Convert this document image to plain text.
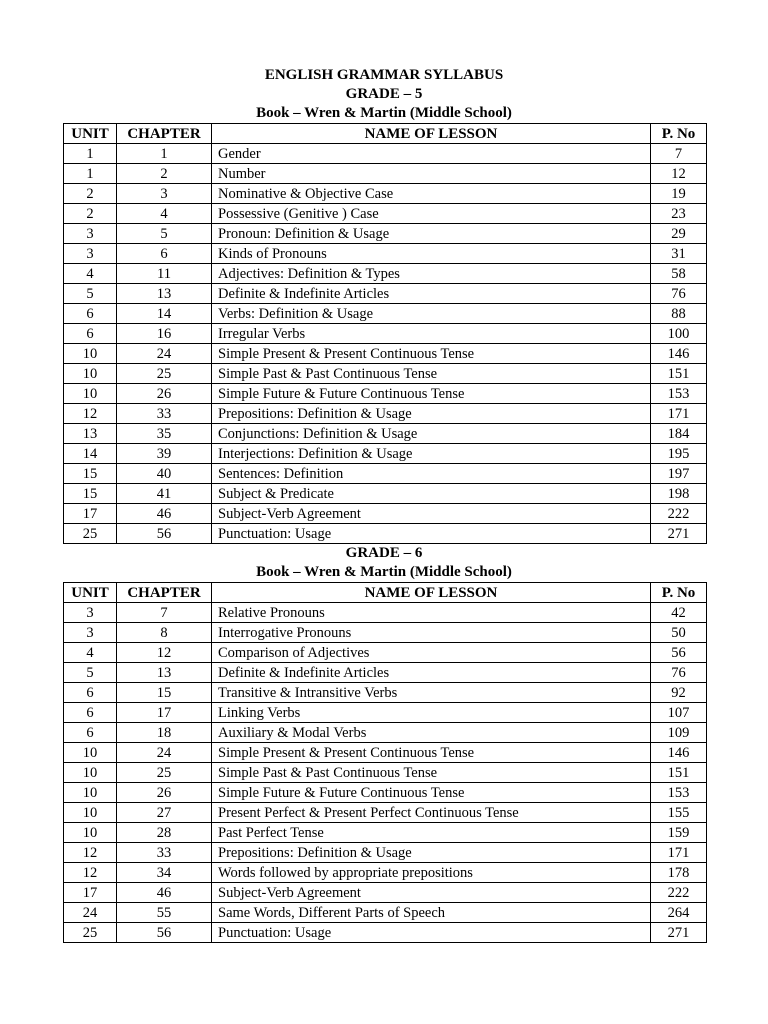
ENGLISH GRAMMAR SYLLABUS
GRADE – 5
Book – Wren & Martin (Middle School)
UNIT	CHAPTER	NAME OF LESSON	P. No
1	1	Gender	7
1	2	Number	12
2	3	Nominative & Objective Case	19
2	4	Possessive (Genitive ) Case	23
3	5	Pronoun: Definition & Usage	29
3	6	Kinds of Pronouns	31
4	11	Adjectives: Definition & Types	58
5	13	Definite & Indefinite Articles	76
6	14	Verbs: Definition & Usage	88
6	16	Irregular Verbs	100
10	24	Simple Present & Present Continuous Tense	146
10	25	Simple Past & Past Continuous Tense	151
10	26	Simple Future & Future Continuous Tense	153
12	33	Prepositions: Definition & Usage	171
13	35	Conjunctions: Definition & Usage	184
14	39	Interjections: Definition & Usage	195
15	40	Sentences: Definition	197
15	41	Subject & Predicate	198
17	46	Subject-Verb Agreement	222
25	56	Punctuation: Usage	271
GRADE – 6
Book – Wren & Martin (Middle School)
UNIT	CHAPTER	NAME OF LESSON	P. No
3	7	Relative Pronouns	42
3	8	Interrogative Pronouns	50
4	12	Comparison of Adjectives	56
5	13	Definite & Indefinite Articles	76
6	15	Transitive & Intransitive Verbs	92
6	17	Linking Verbs	107
6	18	Auxiliary & Modal Verbs	109
10	24	Simple Present & Present Continuous Tense	146
10	25	Simple Past & Past Continuous Tense	151
10	26	Simple Future & Future Continuous Tense	153
10	27	Present Perfect & Present Perfect Continuous Tense	155
10	28	Past Perfect Tense	159
12	33	Prepositions: Definition & Usage	171
12	34	Words followed by appropriate prepositions	178
17	46	Subject-Verb Agreement	222
24	55	Same Words, Different Parts of Speech	264
25	56	Punctuation: Usage	271
